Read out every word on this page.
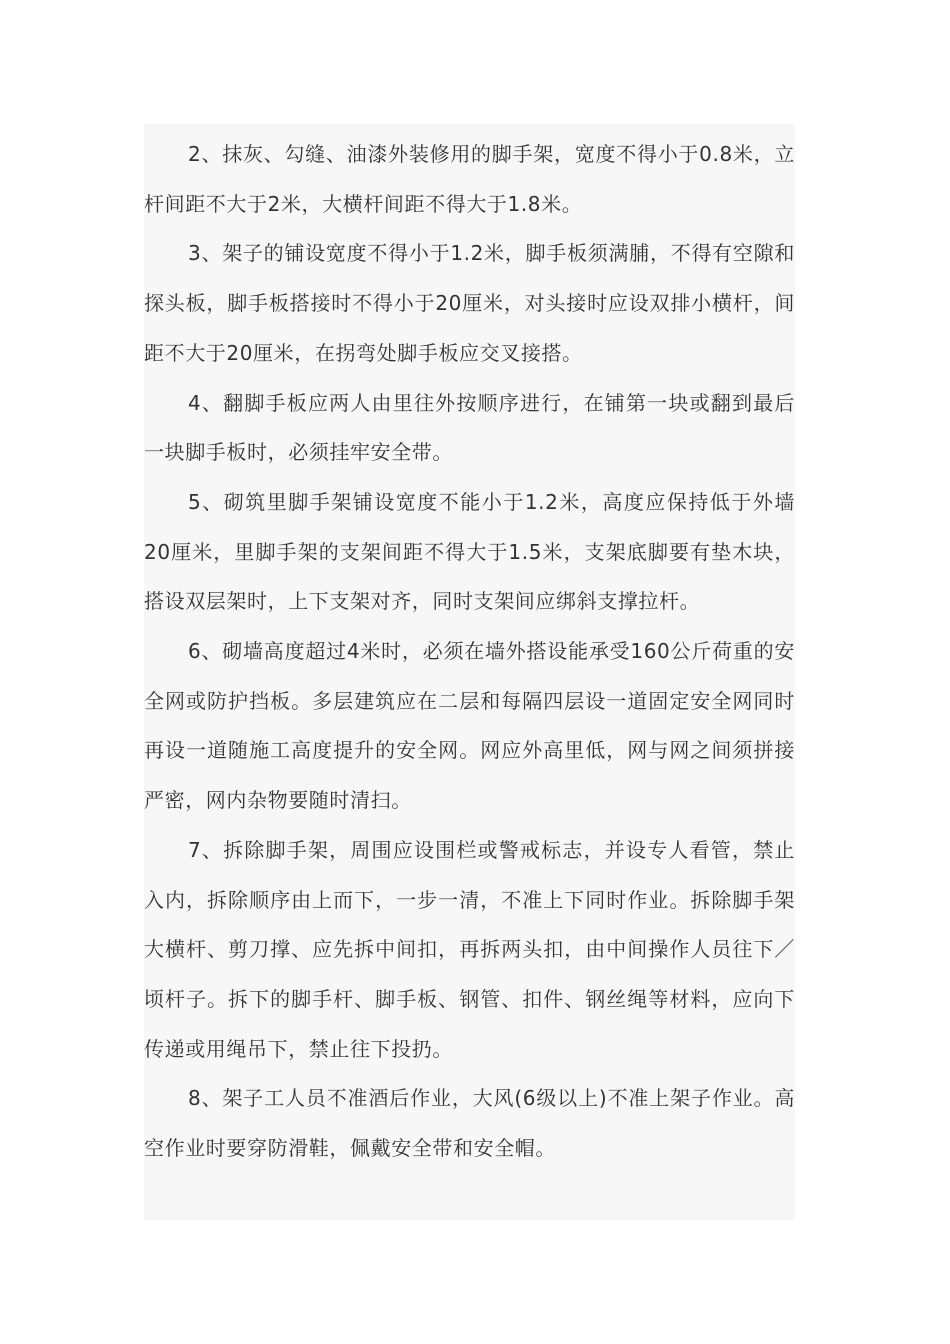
2、抹灰、勾缝、油漆外装修用的脚手架，宽度不得小于0.8米，立杆间距不大于2米，大横杆间距不得大于1.8米。

3、架子的铺设宽度不得小于1.2米，脚手板须满脯，不得有空隙和探头板，脚手板搭接时不得小于20厘米，对头接时应设双排小横杆，间距不大于20厘米，在拐弯处脚手板应交叉接搭。

4、翻脚手板应两人由里往外按顺序进行，在铺第一块或翻到最后一块脚手板时，必须挂牢安全带。

5、砌筑里脚手架铺设宽度不能小于1.2米，高度应保持低于外墙20厘米，里脚手架的支架间距不得大于1.5米，支架底脚要有垫木块，搭设双层架时，上下支架对齐，同时支架间应绑斜支撑拉杆。

6、砌墙高度超过4米时，必须在墙外搭设能承受160公斤荷重的安全网或防护挡板。多层建筑应在二层和每隔四层设一道固定安全网同时再设一道随施工高度提升的安全网。网应外高里低，网与网之间须拼接严密，网内杂物要随时清扫。

7、拆除脚手架，周围应设围栏或警戒标志，并设专人看管，禁止入内，拆除顺序由上而下，一步一清，不准上下同时作业。拆除脚手架大横杆、剪刀撑、应先拆中间扣，再拆两头扣，由中间操作人员往下／顷杆子。拆下的脚手杆、脚手板、钢管、扣件、钢丝绳等材料，应向下传递或用绳吊下，禁止往下投扔。

8、架子工人员不准酒后作业，大风(6级以上)不准上架子作业。高空作业时要穿防滑鞋，佩戴安全带和安全帽。
